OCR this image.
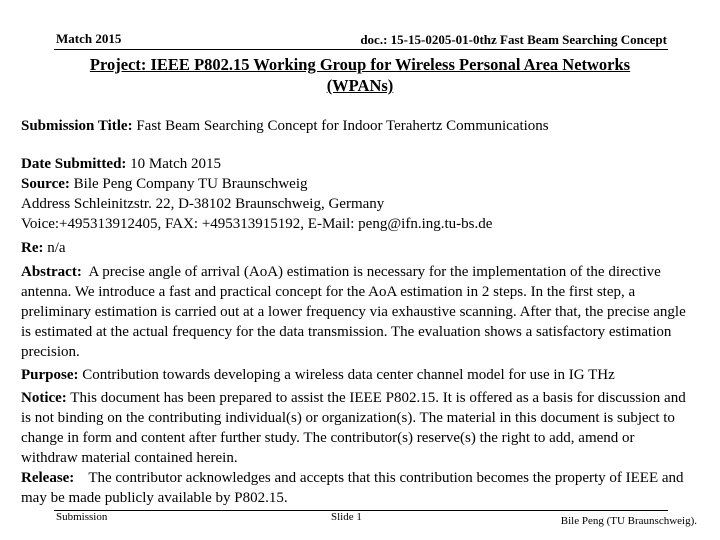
Match 2015	doc.: 15-15-0205-01-0thz Fast Beam Searching Concept
Project: IEEE P802.15 Working Group for Wireless Personal Area Networks
(WPANs)

Submission Title: Fast Beam Searching Concept for Indoor Terahertz Communications

Date Submitted: 10 Match 2015

Source: Bile Peng Company TU Braunschweig

Address Schleinitzstr. 22, D-38102 Braunschweig, Germany

Voice:+495313912405, FAX: +495313915192, E-Mail: peng@ifn.ing.tu-bs.de

Re: n/a

Abstract: A precise angle of arrival (AoA) estimation is necessary for the implementation of the directive antenna. We introduce a fast and practical concept for the AoA estimation in 2 steps. In the first step, a preliminary estimation is carried out at a lower frequency via exhaustive scanning. After that, the precise angle is estimated at the actual frequency for the data transmission. The evaluation shows a satisfactory estimation precision.

Purpose: Contribution towards developing a wireless data center channel model for use in IG THz

Notice: This document has been prepared to assist the IEEE P802.15. It is offered as a basis for discussion and is not binding on the contributing individual(s) or organization(s). The material in this document is subject to change in form and content after further study. The contributor(s) reserve(s) the right to add, amend or withdraw material contained herein.

Release: The contributor acknowledges and accepts that this contribution becomes the property of IEEE and may be made publicly available by P802.15.

Submission	Slide 1	Bile Peng (TU Braunschweig).
